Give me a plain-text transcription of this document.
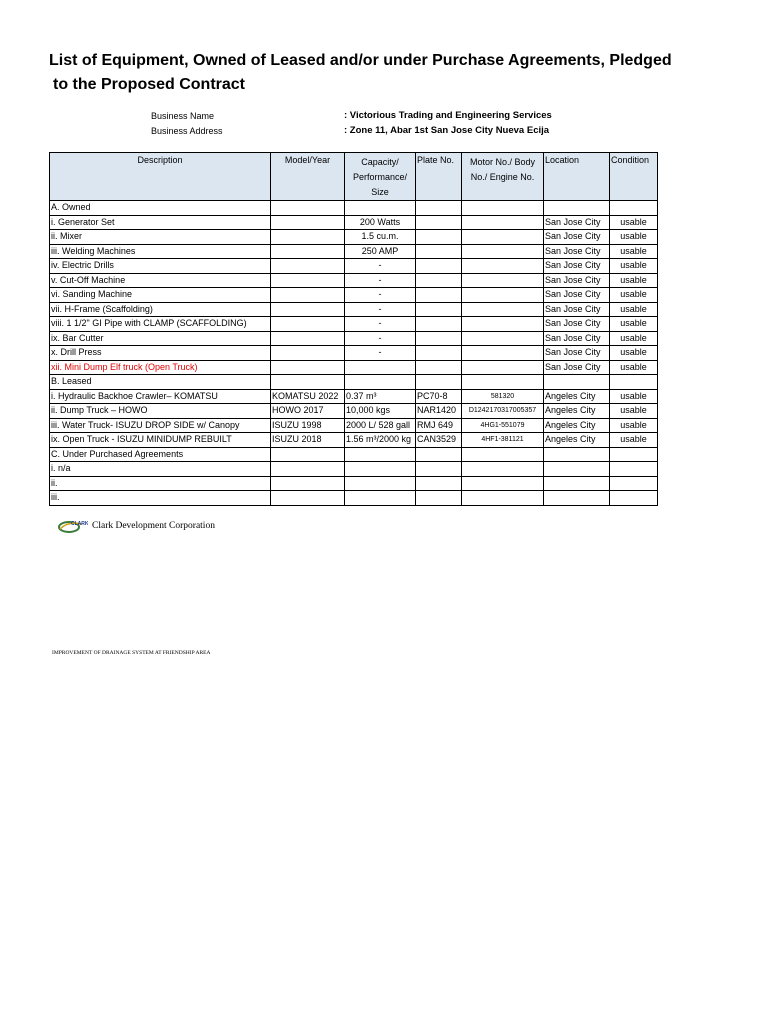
List of Equipment, Owned of Leased and/or under Purchase Agreements, Pledged
to the Proposed Contract
Business Name	: Victorious Trading and Engineering Services
Business Address	: Zone 11, Abar 1st San Jose City Nueva Ecija
Description	Model/Year	Capacity/ Performance/ Size	Plate No.	Motor No./ Body No./ Engine No.	Location	Condition
A. Owned						
i. Generator Set		200 Watts			San Jose City	usable
ii. Mixer		1.5 cu.m.			San Jose City	usable
iii. Welding Machines		250 AMP			San Jose City	usable
iv. Electric Drills		-			San Jose City	usable
v. Cut-Off Machine		-			San Jose City	usable
vi. Sanding Machine		-			San Jose City	usable
vii. H-Frame (Scaffolding)		-			San Jose City	usable
viii. 1 1/2" GI Pipe with CLAMP (SCAFFOLDING)		-			San Jose City	usable
ix. Bar Cutter		-			San Jose City	usable
x. Drill Press		-			San Jose City	usable
xii. Mini Dump Elf truck (Open Truck)					San Jose City	usable
B. Leased						
i. Hydraulic Backhoe Crawler– KOMATSU	KOMATSU 2022	0.37 m³	PC70-8	581320	Angeles City	usable
ii. Dump Truck – HOWO	HOWO 2017	10,000 kgs	NAR1420	D1242170317005357	Angeles City	usable
iii. Water Truck- ISUZU DROP SIDE w/ Canopy	ISUZU 1998	2000 L/ 528 gall	RMJ 649	4HG1-551079	Angeles City	usable
ix. Open Truck - ISUZU MINIDUMP REBUILT	ISUZU 2018	1.56 m³/2000 kg	CAN3529	4HF1-381121	Angeles City	usable
C. Under Purchased Agreements						
i. n/a						
ii.						
iii.						
CLARK Clark Development Corporation
IMPROVEMENT OF DRAINAGE SYSTEM AT FRIENDSHIP AREA
